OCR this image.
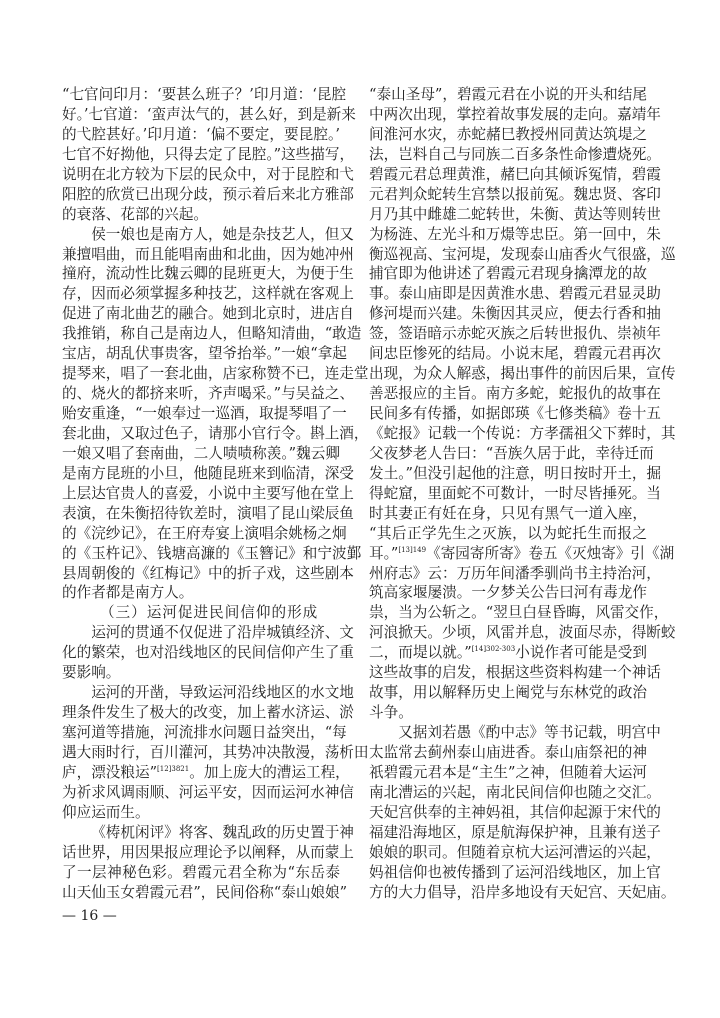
“七官问印月：‘要甚么班子？’印月道：‘昆腔
好。’七官道：‘蛮声汰气的，甚么好，到是新来
的弋腔甚好。’印月道：‘偏不要定，要昆腔。’
七官不好拗他，只得去定了昆腔。”这些描写，
说明在北方较为下层的民众中，对于昆腔和弋
阳腔的欣赏已出现分歧，预示着后来北方雅部
的衰落、花部的兴起。
侯一娘也是南方人，她是杂技艺人，但又
兼擅唱曲，而且能唱南曲和北曲，因为她冲州
撞府，流动性比魏云卿的昆班更大，为便于生
存，因而必须掌握多种技艺，这样就在客观上
促进了南北曲艺的融合。她到北京时，进店自
我推销，称自己是南边人，但略知清曲，“敢造
宝店，胡乱伏事贵客，望爷抬举。”一娘“拿起
提琴来，唱了一套北曲，店家称赞不已，连走堂
的、烧火的都挤来听，齐声喝采。”与吴益之、
贻安重逢，“一娘奉过一巡酒，取提琴唱了一
套北曲，又取过色子，请那小官行令。斟上酒，
一娘又唱了套南曲，二人啧啧称羡。”魏云卿
是南方昆班的小旦，他随昆班来到临清，深受
上层达官贵人的喜爱，小说中主要写他在堂上
表演，在朱衡招待钦差时，演唱了昆山梁辰鱼
的《浣纱记》，在王府寿宴上演唱余姚杨之炯
的《玉杵记》、钱塘高濂的《玉簪记》和宁波鄞
县周朝俊的《红梅记》中的折子戏，这些剧本
的作者都是南方人。
（三）运河促进民间信仰的形成
运河的贯通不仅促进了沿岸城镇经济、文
化的繁荣，也对沿线地区的民间信仰产生了重
要影响。
运河的开凿，导致运河沿线地区的水文地
理条件发生了极大的改变，加上蓄水济运、淤
塞河道等措施，河流排水问题日益突出，“每
遇大雨时行，百川灌河，其势冲决散漫，荡析田
庐，漂没粮运”$^{[12]3821}$。加上庞大的漕运工程，
为祈求风调雨顺、河运平安，因而运河水神信
仰应运而生。
《梼杌闲评》将客、魏乱政的历史置于神
话世界，用因果报应理论予以阐释，从而蒙上
了一层神秘色彩。碧霞元君全称为“东岳泰
山天仙玉女碧霞元君”，民间俗称“泰山娘娘”
“泰山圣母”，碧霞元君在小说的开头和结尾
中两次出现，掌控着故事发展的走向。嘉靖年
间淮河水灾，赤蛇赭巳教授州同黄达筑堤之
法，岂料自己与同族二百多条性命惨遭烧死。
碧霞元君总理黄淮，赭巳向其倾诉冤情，碧霞
元君判众蛇转生宫禁以报前冤。魏忠贤、客印
月乃其中雌雄二蛇转世，朱衡、黄达等则转世
为杨涟、左光斗和万燝等忠臣。第一回中，朱
衡巡视高、宝河堤，发现泰山庙香火气很盛，巡
捕官即为他讲述了碧霞元君现身擒潭龙的故
事。泰山庙即是因黄淮水患、碧霞元君显灵助
修河堤而兴建。朱衡因其灵应，便去行香和抽
签，签语暗示赤蛇灭族之后转世报仇、崇祯年
间忠臣惨死的结局。小说末尾，碧霞元君再次
出现，为众人解惑，揭出事件的前因后果，宣传
善恶报应的主旨。南方多蛇，蛇报仇的故事在
民间多有传播，如据郎瑛《七修类稿》卷十五
《蛇报》记载一个传说：方孝孺祖父下葬时，其
父夜梦老人告曰：“吾族久居于此，幸待迁而
发土。”但没引起他的注意，明日按时开土，掘
得蛇窟，里面蛇不可数计，一时尽皆捶死。当
时其妻正有妊在身，只见有黑气一道入座，
“其后正学先生之灭族，以为蛇托生而报之
耳。”$^{[13]149}$《寄园寄所寄》卷五《灭烛寄》引《湖
州府志》云：万历年间潘季驯尚书主持治河，
筑高家堰屡溃。一夕梦关公告曰河有毒龙作
祟，当为公斩之。“翌旦白昼昏晦，风雷交作，
河浪掀天。少顷，风雷并息，波面尽赤，得断蛟
二，而堤以就。”$^{[14]302-303}$小说作者可能是受到
这些故事的启发，根据这些资料构建一个神话
故事，用以解释历史上阉党与东林党的政治
斗争。
又据刘若愚《酌中志》等书记载，明宫中
太监常去蓟州泰山庙进香。泰山庙祭祀的神
祇碧霞元君本是“主生”之神，但随着大运河
南北漕运的兴起，南北民间信仰也随之交汇。
天妃宫供奉的主神妈祖，其信仰起源于宋代的
福建沿海地区，原是航海保护神，且兼有送子
娘娘的职司。但随着京杭大运河漕运的兴起，
妈祖信仰也被传播到了运河沿线地区，加上官
方的大力倡导，沿岸多地设有天妃宫、天妃庙。
— 16 —
